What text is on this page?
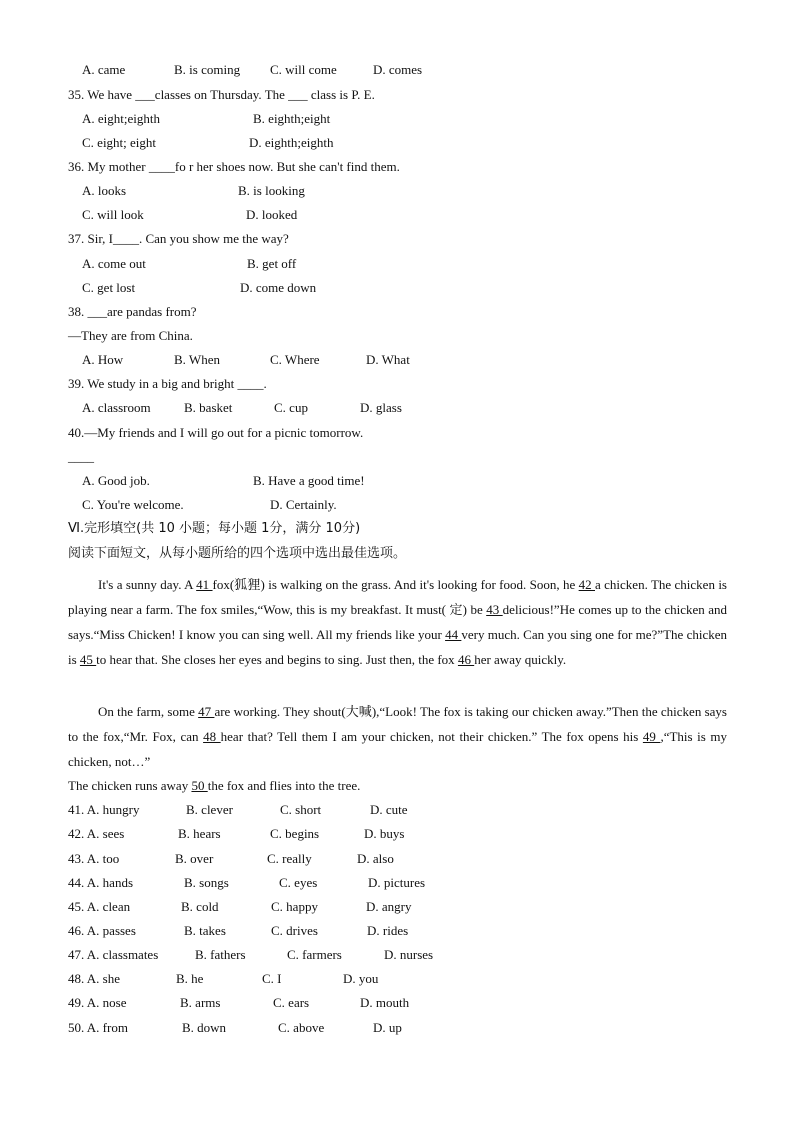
A. came	B. is coming C. will come	D. comes
35. We have ___classes on Thursday. The ___ class is P. E.
A. eight;eighth	B. eighth;eight
C. eight; eight	D. eighth;eighth
36. My mother ____fo r her shoes now. But she can't find them.
A. looks	B. is looking
C. will look	D. looked
37. Sir, I____. Can you show me the way?
A. come out	B. get off
C. get lost	D. come down
38. ___are pandas from?
—They are from China.
A. How	B. When	C. Where	D. What
39. We study in a big and bright ____.
A. classroom	B. basket	C. cup	D. glass
40.—My friends and I will go out for a picnic tomorrow.
____
A. Good job.	B. Have a good time!
C. You're welcome.	D. Certainly.
Ⅵ.完形填空(共 10 小题；每小题 1分，满分 10分)
阅读下面短文，从每小题所给的四个选项中选出最佳选项。
It's a sunny day. A 41 fox(狐狸) is walking on the grass. And it's looking for food. Soon, he 42 a chicken. The chicken is playing near a farm. The fox smiles,“Wow, this is my breakfast. It must( 定) be 43 delicious!”He comes up to the chicken and says.“Miss Chicken! I know you can sing well. All my friends like your 44 very much. Can you sing one for me?”The chicken is 45 to hear that. She closes her eyes and begins to sing. Just then, the fox 46 her away quickly.
On the farm, some 47 are working. They shout(大喊),“Look! The fox is taking our chicken away.”Then the chicken says to the fox,“Mr. Fox, can 48 hear that? Tell them I am your chicken, not their chicken.” The fox opens his 49 ,“This is my chicken, not…”
The chicken runs away 50 the fox and flies into the tree.
41. A. hungry	B. clever	C. short	D. cute
42. A. sees	B. hears	C. begins	D. buys
43. A. too	B. over	C. really	D. also
44. A. hands	B. songs	C. eyes	D. pictures
45. A. clean	B. cold	C. happy	D. angry
46. A. passes	B. takes	C. drives	D. rides
47. A. classmates	B. fathers	C. farmers	D. nurses
48. A. she	B. he	C. I	D. you
49. A. nose	B. arms	C. ears	D. mouth
50. A. from	B. down	C. above	D. up
